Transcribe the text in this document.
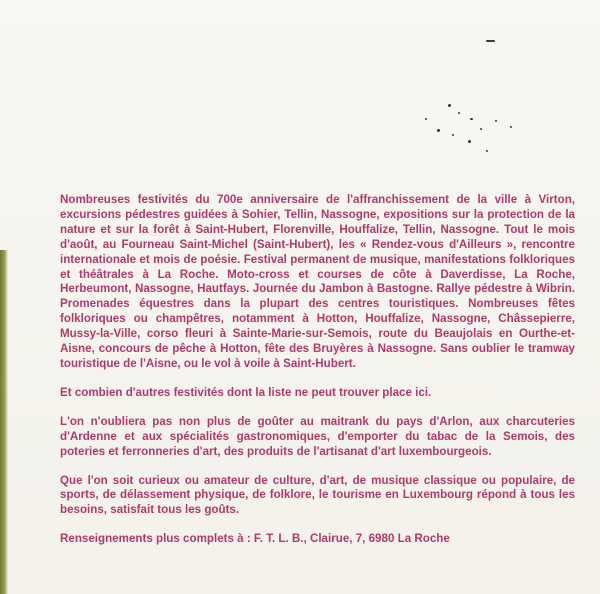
Nombreuses festivités du 700e anniversaire de l'affranchissement de la ville à Virton, excursions pédestres guidées à Sohier, Tellin, Nassogne, expositions sur la protection de la nature et sur la forêt à Saint-Hubert, Florenville, Houffalize, Tellin, Nassogne. Tout le mois d'août, au Fourneau Saint-Michel (Saint-Hubert), les « Rendez-vous d'Ailleurs », rencontre internationale et mois de poésie. Festival permanent de musique, manifestations folkloriques et théâtrales à La Roche. Moto-cross et courses de côte à Daverdisse, La Roche, Herbeumont, Nassogne, Hautfays. Journée du Jambon à Bastogne. Rallye pédestre à Wibrin. Promenades équestres dans la plupart des centres touristiques. Nombreuses fêtes folkloriques ou champêtres, notamment à Hotton, Houffalize, Nassogne, Châssepierre, Mussy-la-Ville, corso fleuri à Sainte-Marie-sur-Semois, route du Beaujolais en Ourthe-et-Aisne, concours de pêche à Hotton, fête des Bruyères à Nassogne. Sans oublier le tramway touristique de l'Aisne, ou le vol à voile à Saint-Hubert.

Et combien d'autres festivités dont la liste ne peut trouver place ici.

L'on n'oubliera pas non plus de goûter au maitrank du pays d'Arlon, aux charcuteries d'Ardenne et aux spécialités gastronomiques, d'emporter du tabac de la Semois, des poteries et ferronneries d'art, des produits de l'artisanat d'art luxembourgeois.

Que l'on soit curieux ou amateur de culture, d'art, de musique classique ou populaire, de sports, de délassement physique, de folklore, le tourisme en Luxembourg répond à tous les besoins, satisfait tous les goûts.

Renseignements plus complets à : F. T. L. B., Clairue, 7, 6980 La Roche
